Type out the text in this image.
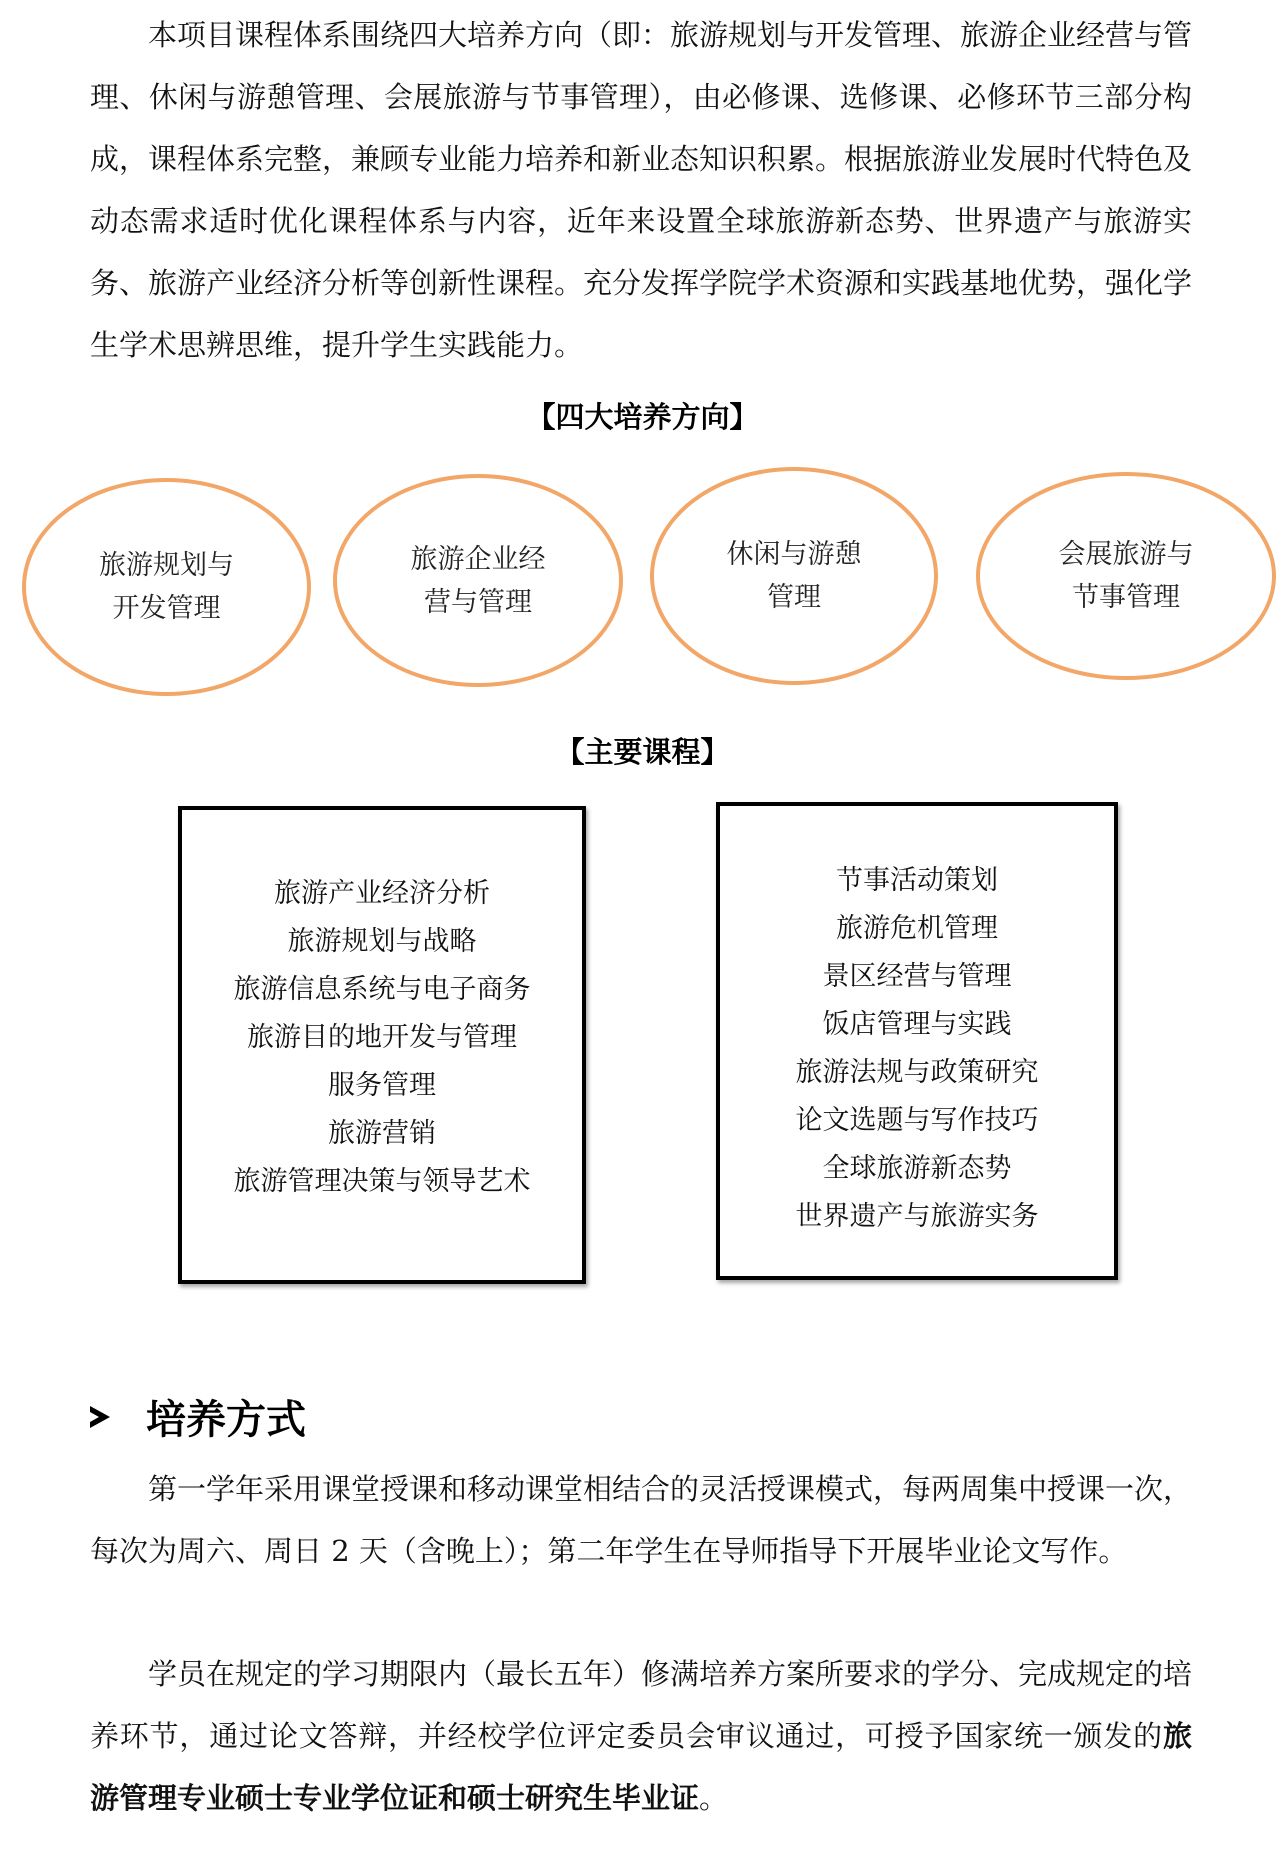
本项目课程体系围绕四大培养方向（即：旅游规划与开发管理、旅游企业经营与管理、休闲与游憩管理、会展旅游与节事管理），由必修课、选修课、必修环节三部分构成，课程体系完整，兼顾专业能力培养和新业态知识积累。根据旅游业发展时代特色及动态需求适时优化课程体系与内容，近年来设置全球旅游新态势、世界遗产与旅游实务、旅游产业经济分析等创新性课程。充分发挥学院学术资源和实践基地优势，强化学生学术思辨思维，提升学生实践能力。

【四大培养方向】
旅游规划与
开发管理
旅游企业经
营与管理
休闲与游憩
管理
会展旅游与
节事管理
【主要课程】
旅游产业经济分析
旅游规划与战略
旅游信息系统与电子商务
旅游目的地开发与管理
服务管理
旅游营销
旅游管理决策与领导艺术
节事活动策划
旅游危机管理
景区经营与管理
饭店管理与实践
旅游法规与政策研究
论文选题与写作技巧
全球旅游新态势
世界遗产与旅游实务
培养方式

第一学年采用课堂授课和移动课堂相结合的灵活授课模式，每两周集中授课一次，每次为周六、周日 2 天（含晚上）；第二年学生在导师指导下开展毕业论文写作。

学员在规定的学习期限内（最长五年）修满培养方案所要求的学分、完成规定的培养环节，通过论文答辩，并经校学位评定委员会审议通过，可授予国家统一颁发的旅游管理专业硕士专业学位证和硕士研究生毕业证。
